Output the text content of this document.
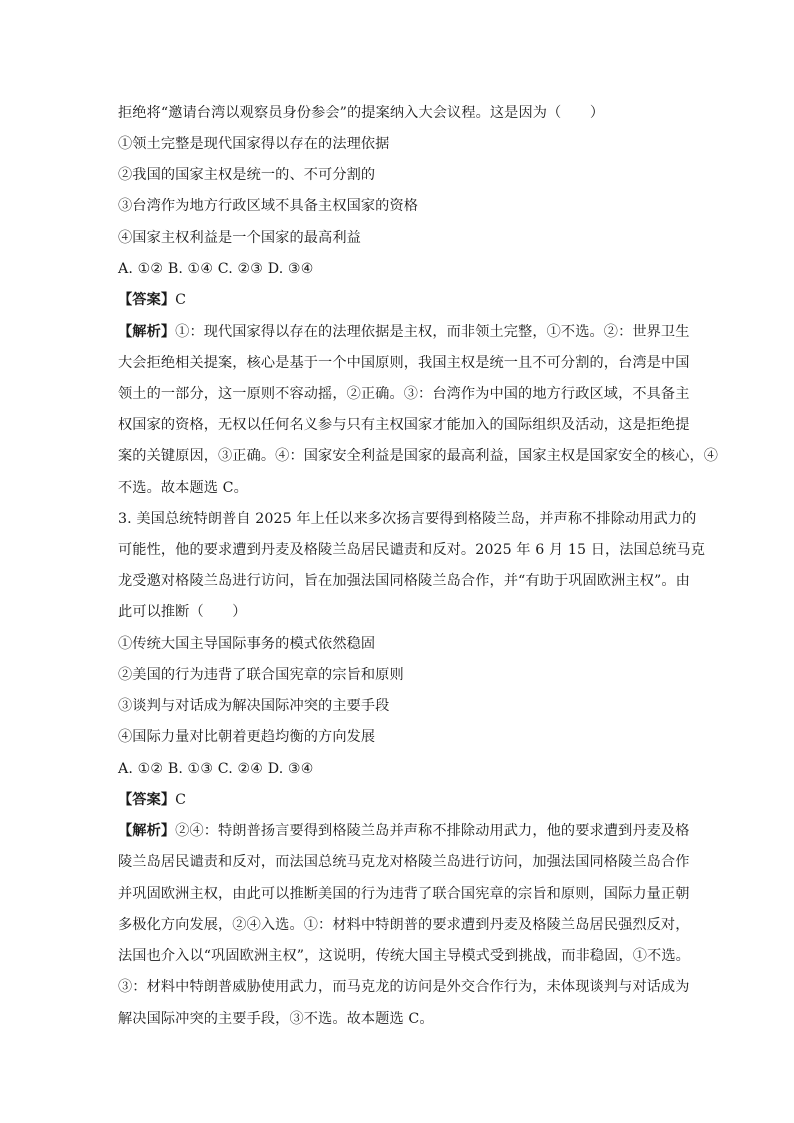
拒绝将“邀请台湾以观察员身份参会”的提案纳入大会议程。这是因为（　　）
①领土完整是现代国家得以存在的法理依据
②我国的国家主权是统一的、不可分割的
③台湾作为地方行政区域不具备主权国家的资格
④国家主权利益是一个国家的最高利益
A. ①② B. ①④ C. ②③ D. ③④
【答案】C
【解析】①：现代国家得以存在的法理依据是主权，而非领土完整，①不选。②：世界卫生
大会拒绝相关提案，核心是基于一个中国原则，我国主权是统一且不可分割的，台湾是中国
领土的一部分，这一原则不容动摇，②正确。③：台湾作为中国的地方行政区域，不具备主
权国家的资格，无权以任何名义参与只有主权国家才能加入的国际组织及活动，这是拒绝提
案的关键原因，③正确。④：国家安全利益是国家的最高利益，国家主权是国家安全的核心，④
不选。故本题选 C。
3. 美国总统特朗普自 2025 年上任以来多次扬言要得到格陵兰岛，并声称不排除动用武力的
可能性，他的要求遭到丹麦及格陵兰岛居民谴责和反对。2025 年 6 月 15 日，法国总统马克
龙受邀对格陵兰岛进行访问，旨在加强法国同格陵兰岛合作，并“有助于巩固欧洲主权”。由
此可以推断（　　）
①传统大国主导国际事务的模式依然稳固
②美国的行为违背了联合国宪章的宗旨和原则
③谈判与对话成为解决国际冲突的主要手段
④国际力量对比朝着更趋均衡的方向发展
A. ①② B. ①③ C. ②④ D. ③④
【答案】C
【解析】②④：特朗普扬言要得到格陵兰岛并声称不排除动用武力，他的要求遭到丹麦及格
陵兰岛居民谴责和反对，而法国总统马克龙对格陵兰岛进行访问，加强法国同格陵兰岛合作
并巩固欧洲主权，由此可以推断美国的行为违背了联合国宪章的宗旨和原则，国际力量正朝
多极化方向发展，②④入选。①：材料中特朗普的要求遭到丹麦及格陵兰岛居民强烈反对，
法国也介入以“巩固欧洲主权”，这说明，传统大国主导模式受到挑战，而非稳固，①不选。
③：材料中特朗普威胁使用武力，而马克龙的访问是外交合作行为，未体现谈判与对话成为
解决国际冲突的主要手段，③不选。故本题选 C。
